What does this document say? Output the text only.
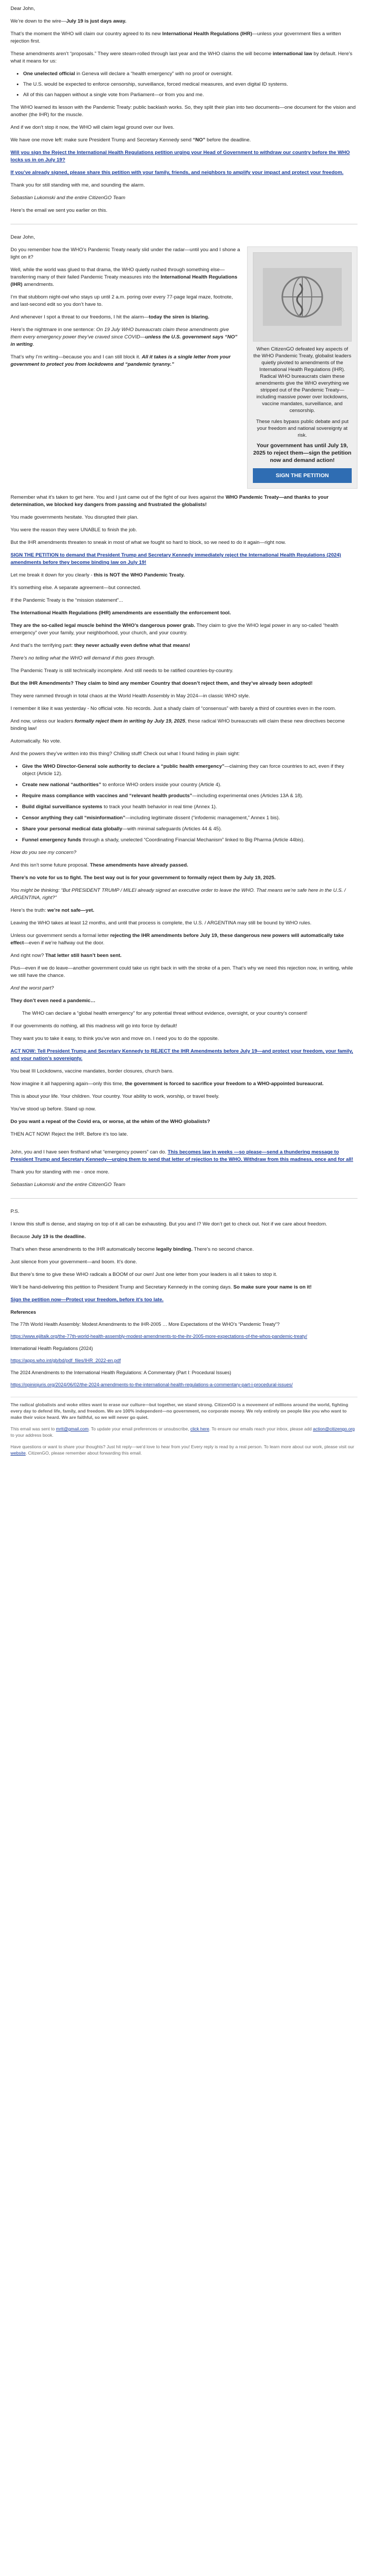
Dear John,

We’re down to the wire—July 19 is just days away.

That’s the moment the WHO will claim our country agreed to its new International Health Regulations (IHR)—unless your government files a written rejection first.

These amendments aren’t “proposals.” They were steam-rolled through last year and the WHO claims the will become international law by default. Here’s what it means for us:

• One unelected official in Geneva will declare a “health emergency” with no proof or oversight.
• The U.S. would be expected to enforce censorship, surveillance, forced medical measures, and even digital ID systems.
• All of this can happen without a single vote from Parliament—or from you and me.

The WHO learned its lesson with the Pandemic Treaty: public backlash works. So, they split their plan into two documents—one document for the vision and another (the IHR) for the muscle.

And if we don’t stop it now, the WHO will claim legal ground over our lives.

We have one move left: make sure President Trump and Secretary Kennedy send “NO” before the deadline.

Will you sign the Reject the International Health Regulations petition urging your Head of Government to withdraw our country before the WHO locks us in on July 19?

If you’ve already signed, please share this petition with your family, friends, and neighbors to amplify your impact and protect your freedom.

Thank you for still standing with me, and sounding the alarm.

Sebastian Lukomski and the entire CitizenGO Team

Here’s the email we sent you earlier on this.

Dear John,

When CitizenGO defeated key aspects of the WHO Pandemic Treaty, globalist leaders quietly pivoted to amendments of the International Health Regulations (IHR). Radical WHO bureaucrats claim these amendments give the WHO everything we stripped out of the Pandemic Treaty—including massive power over lockdowns, vaccine mandates, surveillance, and censorship.
These rules bypass public debate and put your freedom and national sovereignty at risk.
Your government has until July 19, 2025 to reject them—sign the petition now and demand action!
SIGN THE PETITION

Do you remember how the WHO’s Pandemic Treaty nearly slid under the radar—until you and I shone a light on it?

Well, while the world was glued to that drama, the WHO quietly rushed through something else—transferring many of their failed Pandemic Treaty measures into the International Health Regulations (IHR) amendments.

I’m that stubborn night-owl who stays up until 2 a.m. poring over every 77-page legal maze, footnote, and last-second edit so you don’t have to.

And whenever I spot a threat to our freedoms, I hit the alarm—today the siren is blaring.

Here’s the nightmare in one sentence: On 19 July WHO bureaucrats claim these amendments give them every emergency power they’ve craved since COVID—unless the U.S. government says “NO” in writing.

That’s why I’m writing—because you and I can still block it. All it takes is a single letter from your government to protect you from lockdowns and “pandemic tyranny.”

Remember what it’s taken to get here. You and I just came out of the fight of our lives against the WHO Pandemic Treaty—and thanks to your determination, we blocked key dangers from passing and frustrated the globalists!

You made governments hesitate. You disrupted their plan.

You were the reason they were UNABLE to finish the job.

But the IHR amendments threaten to sneak in most of what we fought so hard to block, so we need to do it again—right now.

SIGN THE PETITION to demand that President Trump and Secretary Kennedy immediately reject the International Health Regulations (2024) amendments before they become binding law on July 19!

Let me break it down for you clearly - this is NOT the WHO Pandemic Treaty.

It’s something else. A separate agreement—but connected.

If the Pandemic Treaty is the “mission statement”...

The International Health Regulations (IHR) amendments are essentially the enforcement tool.

They are the so-called legal muscle behind the WHO’s dangerous power grab. They claim to give the WHO legal power in any so-called “health emergency” over your family, your neighborhood, your church, and your country.

And that’s the terrifying part: they never actually even define what that means!

There’s no telling what the WHO will demand if this goes through.

The Pandemic Treaty is still technically incomplete. And still needs to be ratified countries-by-country.

But the IHR Amendments? They claim to bind any member Country that doesn’t reject them, and they’ve already been adopted!

They were rammed through in total chaos at the World Health Assembly in May 2024—in classic WHO style.

I remember it like it was yesterday - No official vote. No records. Just a shady claim of “consensus” with barely a third of countries even in the room.

And now, unless our leaders formally reject them in writing by July 19, 2025, these radical WHO bureaucrats will claim these new directives become binding law!

Automatically. No vote.

And the powers they’ve written into this thing? Chilling stuff! Check out what I found hiding in plain sight:

• Give the WHO Director-General sole authority to declare a “public health emergency”—claiming they can force countries to act, even if they object (Article 12).
• Create new national “authorities” to enforce WHO orders inside your country (Article 4).
• Require mass compliance with vaccines and “relevant health products”—including experimental ones (Articles 13A & 18).
• Build digital surveillance systems to track your health behavior in real time (Annex 1).
• Censor anything they call “misinformation”—including legitimate dissent (“infodemic management,” Annex 1 bis).
• Share your personal medical data globally—with minimal safeguards (Articles 44 & 45).
• Funnel emergency funds through a shady, unelected “Coordinating Financial Mechanism” linked to Big Pharma (Article 44bis).

How do you see my concern?

And this isn’t some future proposal. These amendments have already passed.

There’s no vote for us to fight. The best way out is for your government to formally reject them by July 19, 2025.

You might be thinking: “But PRESIDENT TRUMP / MILEI already signed an executive order to leave the WHO. That means we’re safe here in the U.S. / ARGENTINA, right?”

Here’s the truth: we’re not safe—yet.

Leaving the WHO takes at least 12 months, and until that process is complete, the U.S. / ARGENTINA may still be bound by WHO rules.

Unless our government sends a formal letter rejecting the IHR amendments before July 19, these dangerous new powers will automatically take effect—even if we’re halfway out the door.

And right now? That letter still hasn’t been sent.

Plus—even if we do leave—another government could take us right back in with the stroke of a pen. That’s why we need this rejection now, in writing, while we still have the chance.

And the worst part?

They don’t even need a pandemic…

The WHO can declare a “global health emergency” for any potential threat without evidence, oversight, or your country’s consent!

If our governments do nothing, all this madness will go into force by default!

They want you to take it easy, to think you’ve won and move on. I need you to do the opposite.

ACT NOW: Tell President Trump and Secretary Kennedy to REJECT the IHR Amendments before July 19—and protect your freedom, your family, and your nation’s sovereignty.

You beat III Lockdowns, vaccine mandates, border closures, church bans.

Now imagine it all happening again—only this time, the government is forced to sacrifice your freedom to a WHO-appointed bureaucrat.

This is about your life. Your children. Your country. Your ability to work, worship, or travel freely.

You’ve stood up before. Stand up now.

Do you want a repeat of the Covid era, or worse, at the whim of the WHO globalists?

THEN ACT NOW! Reject the IHR. Before it’s too late.

John, you and I have seen firsthand what “emergency powers” can do. This becomes law in weeks —so please—send a thundering message to President Trump and Secretary Kennedy—urging them to send that letter of rejection to the WHO. Withdraw from this madness, once and for all!

Thank you for standing with me - once more.

Sebastian Lukomski and the entire CitizenGO Team

P.S.

I know this stuff is dense, and staying on top of it all can be exhausting. But you and I? We don’t get to check out. Not if we care about freedom.

Because July 19 is the deadline.

That’s when these amendments to the IHR automatically become legally binding. There’s no second chance.

Just silence from your government—and boom. It’s done.

But there’s time to give these WHO radicals a BOOM of our own! Just one letter from your leaders is all it takes to stop it.

We’ll be hand-delivering this petition to President Trump and Secretary Kennedy in the coming days. So make sure your name is on it!

Sign the petition now—Protect your freedom, before it’s too late.

References

The 77th World Health Assembly: Modest Amendments to the IHR-2005 … More Expectations of the WHO’s “Pandemic Treaty”?

https://www.ejiltalk.org/the-77th-world-health-assembly-modest-amendments-to-the-ihr-2005-more-expectations-of-the-whos-pandemic-treaty/

International Health Regulations (2024)

https://apps.who.int/gb/bd/pdf_files/IHR_2022-en.pdf

The 2024 Amendments to the International Health Regulations: A Commentary (Part I: Procedural Issues)

https://opiniojuris.org/2024/06/02/the-2024-amendments-to-the-international-health-regulations-a-commentary-part-i-procedural-issues/

The radical globalists and woke elites want to erase our culture—but together, we stand strong. CitizenGO is a movement of millions around the world, fighting every day to defend life, family, and freedom. We are 100% independent—no government, no corporate money. We rely entirely on people like you who want to make their voice heard. We are faithful, so we will never go quiet.

This email was sent to mrtt@gmail.com. To update your email preferences or unsubscribe, click here. To ensure our emails reach your inbox, please add action@citizengo.org to your address book.

Have questions or want to share your thoughts? Just hit reply—we’d love to hear from you! Every reply is read by a real person. To learn more about our work, please visit our website. CitizenGO, please remember about forwarding this email.
